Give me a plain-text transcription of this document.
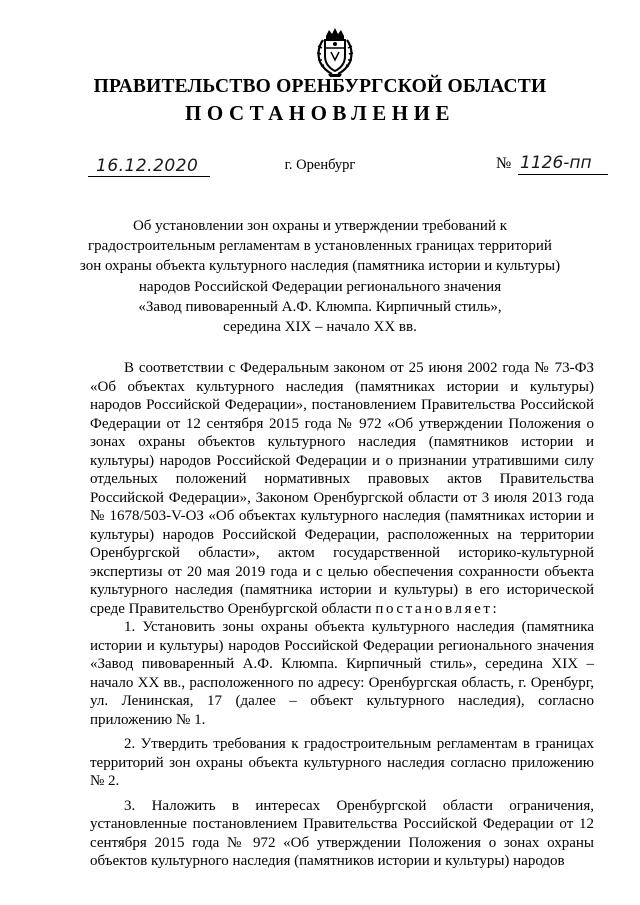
ПРАВИТЕЛЬСТВО ОРЕНБУРГСКОЙ ОБЛАСТИ
ПОСТАНОВЛЕНИЕ
16.12.2020	г. Оренбург	№ 1126-пп
Об установлении зон охраны и утверждении требований к
градостроительным регламентам в установленных границах территорий
зон охраны объекта культурного наследия (памятника истории и культуры)
народов Российской Федерации регионального значения
«Завод пивоваренный А.Ф. Клюмпа. Кирпичный стиль»,
середина XIX – начало XX вв.

В соответствии с Федеральным законом от 25 июня 2002 года № 73-ФЗ «Об объектах культурного наследия (памятниках истории и культуры) народов Российской Федерации», постановлением Правительства Российской Федерации от 12 сентября 2015 года № 972 «Об утверждении Положения о зонах охраны объектов культурного наследия (памятников истории и культуры) народов Российской Федерации и о признании утратившими силу отдельных положений нормативных правовых актов Правительства Российской Федерации», Законом Оренбургской области от 3 июля 2013 года № 1678/503-V-ОЗ «Об объектах культурного наследия (памятниках истории и культуры) народов Российской Федерации, расположенных на территории Оренбургской области», актом государственной историко-культурной экспертизы от 20 мая 2019 года и с целью обеспечения сохранности объекта культурного наследия (памятника истории и культуры) в его исторической среде Правительство Оренбургской области постановляет:

1. Установить зоны охраны объекта культурного наследия (памятника истории и культуры) народов Российской Федерации регионального значения «Завод пивоваренный А.Ф. Клюмпа. Кирпичный стиль», середина XIX – начало XX вв., расположенного по адресу: Оренбургская область, г. Оренбург, ул. Ленинская, 17 (далее – объект культурного наследия), согласно приложению № 1.

2. Утвердить требования к градостроительным регламентам в границах территорий зон охраны объекта культурного наследия согласно приложению № 2.

3. Наложить в интересах Оренбургской области ограничения, установленные постановлением Правительства Российской Федерации от 12 сентября 2015 года № 972 «Об утверждении Положения о зонах охраны объектов культурного наследия (памятников истории и культуры) народов
